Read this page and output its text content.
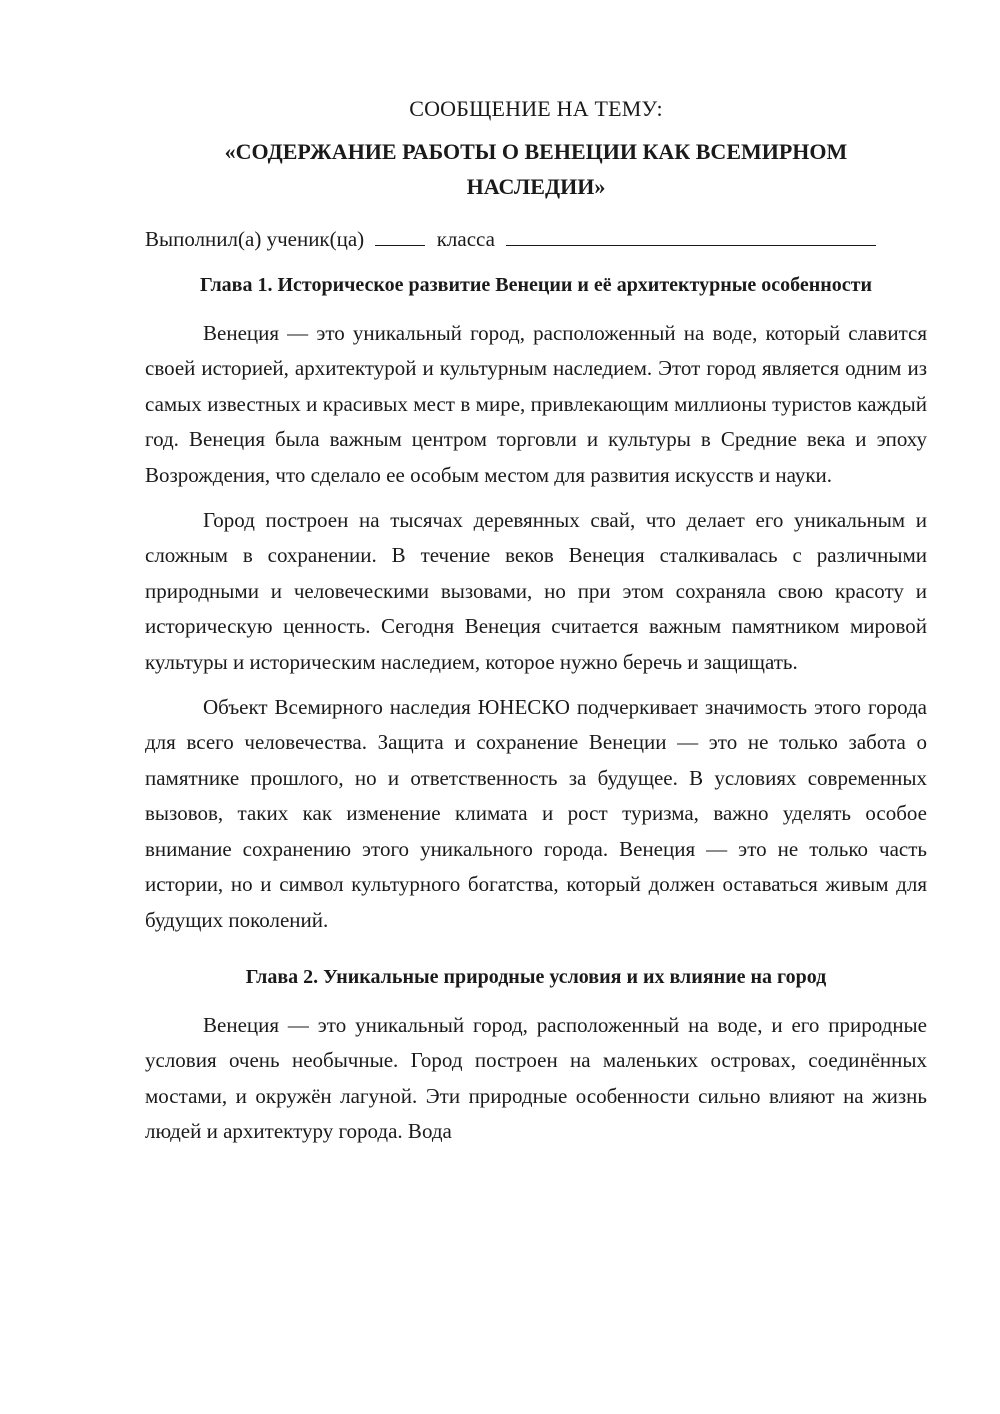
СООБЩЕНИЕ НА ТЕМУ:
«СОДЕРЖАНИЕ РАБОТЫ О ВЕНЕЦИИ КАК ВСЕМИРНОМ
НАСЛЕДИИ»
Выполнил(а) ученик(ца)	класса
Глава 1. Историческое развитие Венеции и её архитектурные особенности

Венеция — это уникальный город, расположенный на воде, который славится своей историей, архитектурой и культурным наследием. Этот город является одним из самых известных и красивых мест в мире, привлекающим миллионы туристов каждый год. Венеция была важным центром торговли и культуры в Средние века и эпоху Возрождения, что сделало ее особым местом для развития искусств и науки.

Город построен на тысячах деревянных свай, что делает его уникальным и сложным в сохранении. В течение веков Венеция сталкивалась с различными природными и человеческими вызовами, но при этом сохраняла свою красоту и историческую ценность. Сегодня Венеция считается важным памятником мировой культуры и историческим наследием, которое нужно беречь и защищать.

Объект Всемирного наследия ЮНЕСКО подчеркивает значимость этого города для всего человечества. Защита и сохранение Венеции — это не только забота о памятнике прошлого, но и ответственность за будущее. В условиях современных вызовов, таких как изменение климата и рост туризма, важно уделять особое внимание сохранению этого уникального города. Венеция — это не только часть истории, но и символ культурного богатства, который должен оставаться живым для будущих поколений.

Глава 2. Уникальные природные условия и их влияние на город

Венеция — это уникальный город, расположенный на воде, и его природные условия очень необычные. Город построен на маленьких островах, соединённых мостами, и окружён лагуной. Эти природные особенности сильно влияют на жизнь людей и архитектуру города. Вода
